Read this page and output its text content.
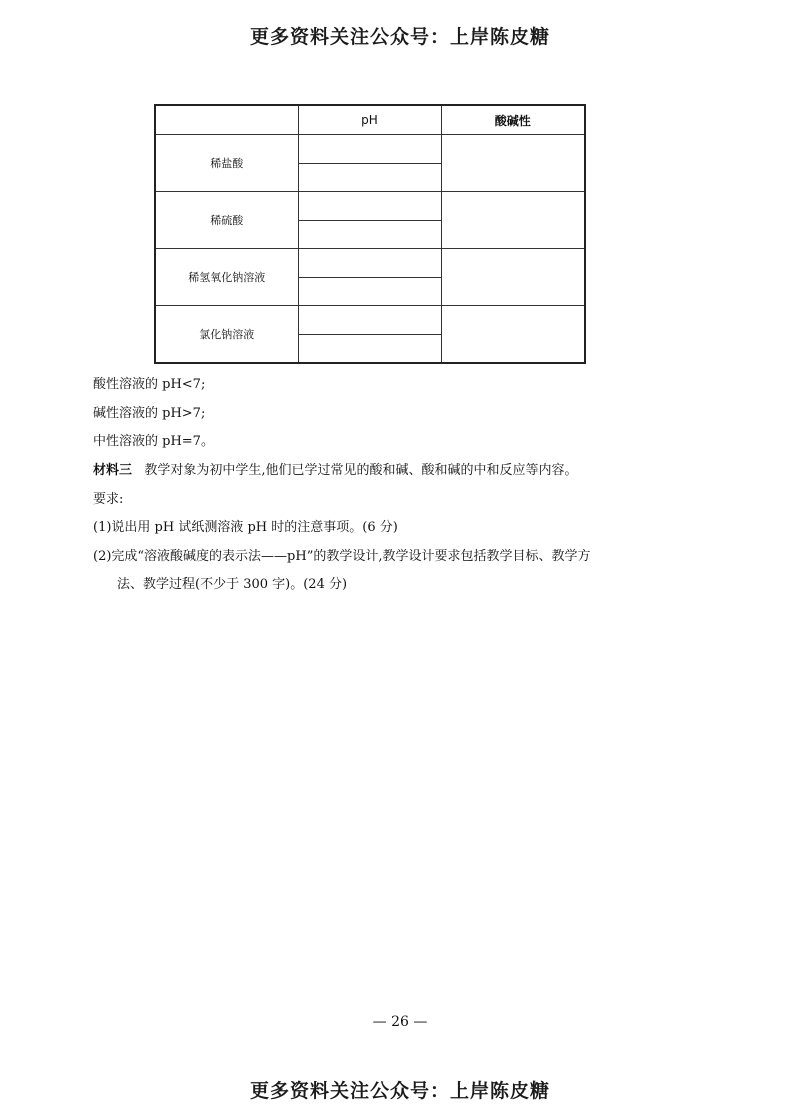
更多资料关注公众号：上岸陈皮糖
	pH	酸碱性
稀盐酸	

稀硫酸	

稀氢氧化钠溶液	

氯化钠溶液	

酸性溶液的 pH<7;
碱性溶液的 pH>7;
中性溶液的 pH=7。
材料三 教学对象为初中学生,他们已学过常见的酸和碱、酸和碱的中和反应等内容。
要求:
(1)说出用 pH 试纸测溶液 pH 时的注意事项。(6 分)
(2)完成“溶液酸碱度的表示法——pH”的教学设计,教学设计要求包括教学目标、教学方
法、教学过程(不少于 300 字)。(24 分)
— 26 —
更多资料关注公众号：上岸陈皮糖
